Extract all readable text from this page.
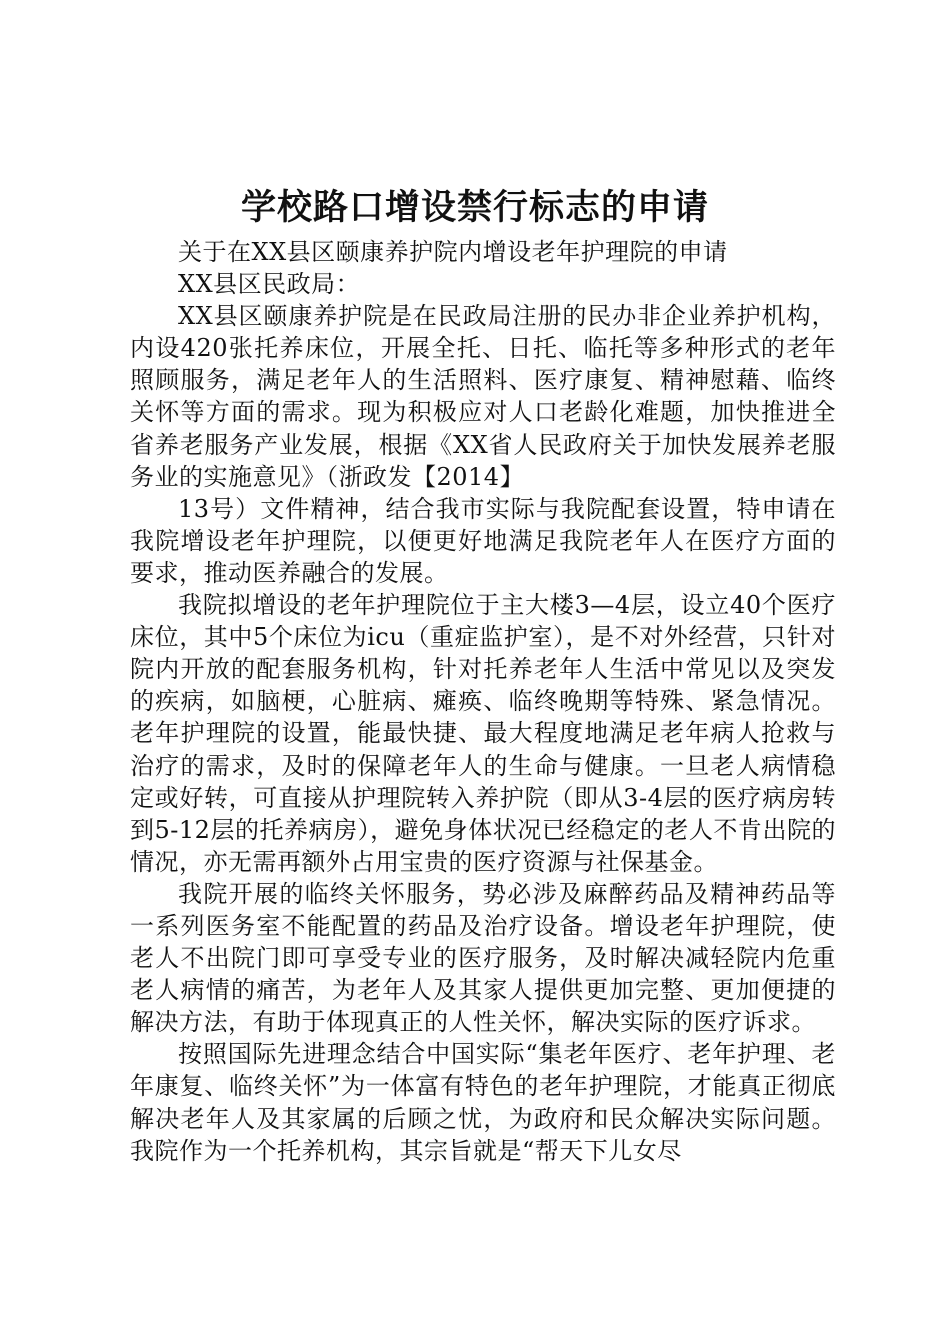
学校路口增设禁行标志的申请

关于在XX县区颐康养护院内增设老年护理院的申请

XX县区民政局：

XX县区颐康养护院是在民政局注册的民办非企业养护机构，内设420张托养床位，开展全托、日托、临托等多种形式的老年照顾服务，满足老年人的生活照料、医疗康复、精神慰藉、临终关怀等方面的需求。现为积极应对人口老龄化难题，加快推进全省养老服务产业发展，根据《XX省人民政府关于加快发展养老服务业的实施意见》（浙政发【2014】

13号）文件精神，结合我市实际与我院配套设置，特申请在我院增设老年护理院，以便更好地满足我院老年人在医疗方面的要求，推动医养融合的发展。

我院拟增设的老年护理院位于主大楼3—4层，设立40个医疗床位，其中5个床位为icu（重症监护室），是不对外经营，只针对院内开放的配套服务机构，针对托养老年人生活中常见以及突发的疾病，如脑梗，心脏病、瘫痪、临终晚期等特殊、紧急情况。老年护理院的设置，能最快捷、最大程度地满足老年病人抢救与治疗的需求，及时的保障老年人的生命与健康。一旦老人病情稳定或好转，可直接从护理院转入养护院（即从3-4层的医疗病房转到5-12层的托养病房），避免身体状况已经稳定的老人不肯出院的情况，亦无需再额外占用宝贵的医疗资源与社保基金。

我院开展的临终关怀服务，势必涉及麻醉药品及精神药品等一系列医务室不能配置的药品及治疗设备。增设老年护理院，使老人不出院门即可享受专业的医疗服务，及时解决减轻院内危重老人病情的痛苦，为老年人及其家人提供更加完整、更加便捷的解决方法，有助于体现真正的人性关怀，解决实际的医疗诉求。

按照国际先进理念结合中国实际“集老年医疗、老年护理、老年康复、临终关怀”为一体富有特色的老年护理院，才能真正彻底解决老年人及其家属的后顾之忧，为政府和民众解决实际问题。我院作为一个托养机构，其宗旨就是“帮天下儿女尽
